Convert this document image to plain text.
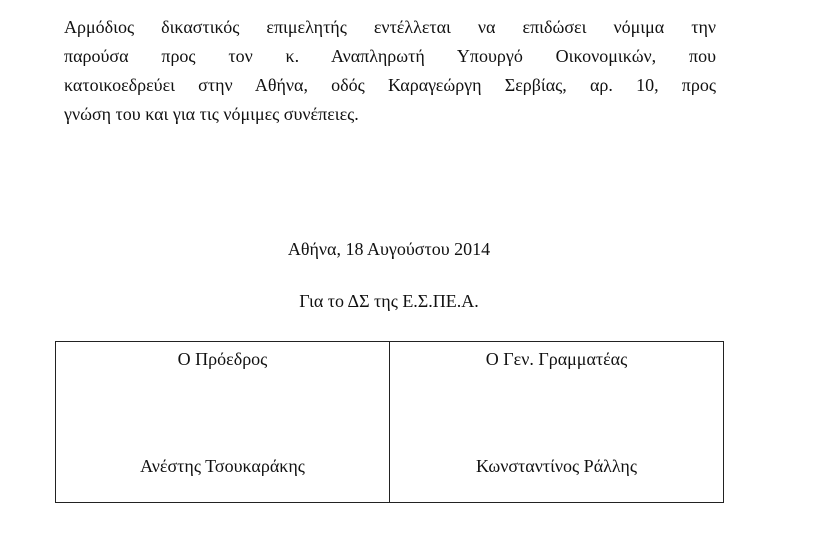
Αρμόδιος δικαστικός επιμελητής εντέλλεται να επιδώσει νόμιμα την
παρούσα προς τον κ. Αναπληρωτή Υπουργό Οικονομικών, που
κατοικοεδρεύει στην Αθήνα, οδός Καραγεώργη Σερβίας, αρ. 10, προς
γνώση του και για τις νόμιμες συνέπειες.
Αθήνα, 18 Αυγούστου 2014
Για το ΔΣ της Ε.Σ.ΠΕ.Α.
Ο Πρόεδρος
Ανέστης Τσουκαράκης

Ο Γεν. Γραμματέας
Κωνσταντίνος Ράλλης
